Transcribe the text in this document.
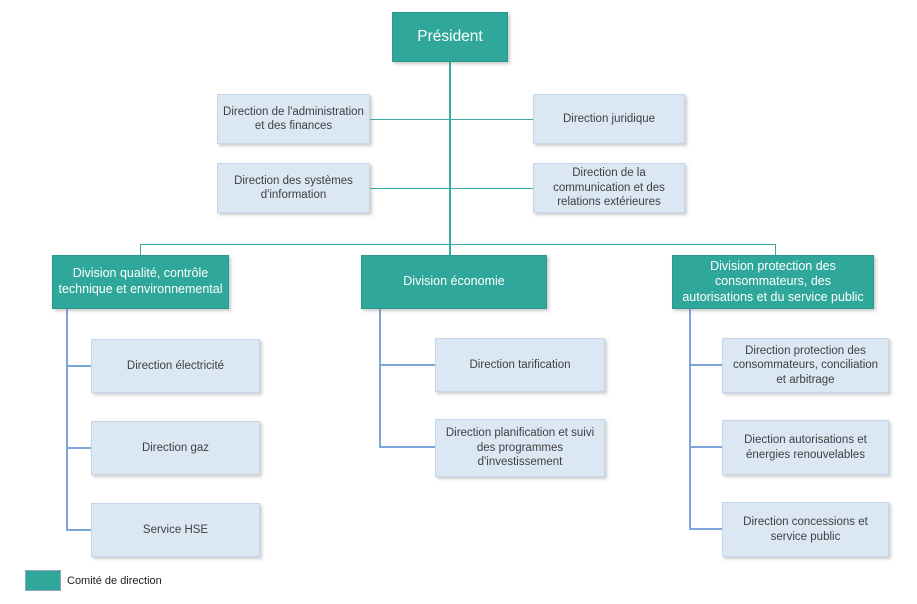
Président
Direction de l'administration et des finances
Direction juridique
Direction des systèmes d'information
Direction de la communication et des relations extérieures
Division qualité, contrôle technique et environnemental
Division économie
Division protection des consommateurs, des autorisations et du service public
Direction électricité
Direction gaz
Service HSE
Direction tarification
Direction planification et suivi des programmes d'investissement
Direction protection des consommateurs, conciliation et arbitrage
Diection autorisations et énergies renouvelables
Direction concessions et service public
Comité de direction
